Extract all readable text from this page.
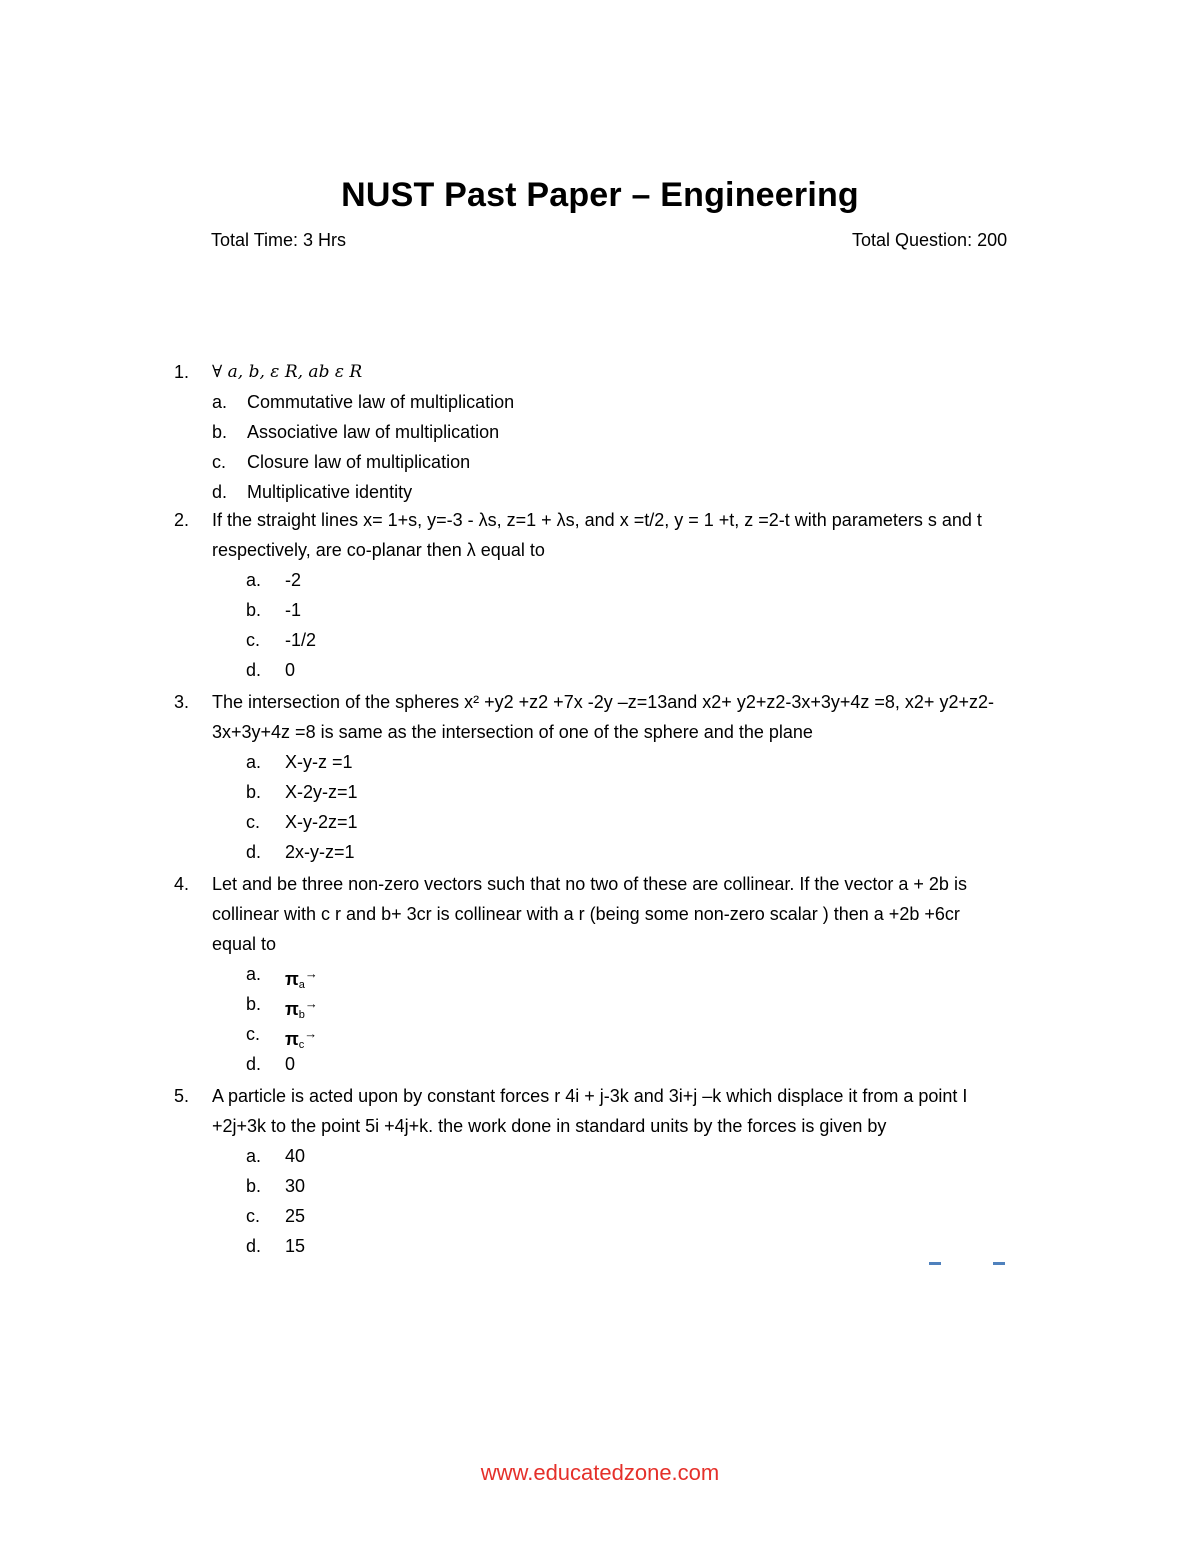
NUST Past Paper – Engineering
Total Time: 3 Hrs	Total Question: 200
1. ∀ a, b, ε R, ab ε R
a. Commutative law of multiplication
b. Associative law of multiplication
c. Closure law of multiplication
d. Multiplicative identity
2. If the straight lines x= 1+s, y=-3 - λs, z=1 + λs, and x =t/2, y = 1 +t, z =2-t with parameters s and t
respectively, are co-planar then λ equal to
a. -2
b. -1
c. -1/2
d. 0
3. The intersection of the spheres x² +y2 +z2 +7x -2y –z=13and x2+ y2+z2-3x+3y+4z =8, x2+ y2+z2-
3x+3y+4z =8 is same as the intersection of one of the sphere and the plane
a. X-y-z =1
b. X-2y-z=1
c. X-y-2z=1
d. 2x-y-z=1
4. Let and be three non-zero vectors such that no two of these are collinear. If the vector a + 2b is
collinear with c r and b+ 3cr is collinear with a r (being some non-zero scalar ) then a +2b +6cr
equal to
a. $\pi_a^\to$
b. $\pi_b^\to$
c. $\pi_c^\to$
d. 0
5. A particle is acted upon by constant forces r 4i + j-3k and 3i+j –k which displace it from a point I
+2j+3k to the point 5i +4j+k. the work done in standard units by the forces is given by
a. 40
b. 30
c. 25
d. 15
www.educatedzone.com
